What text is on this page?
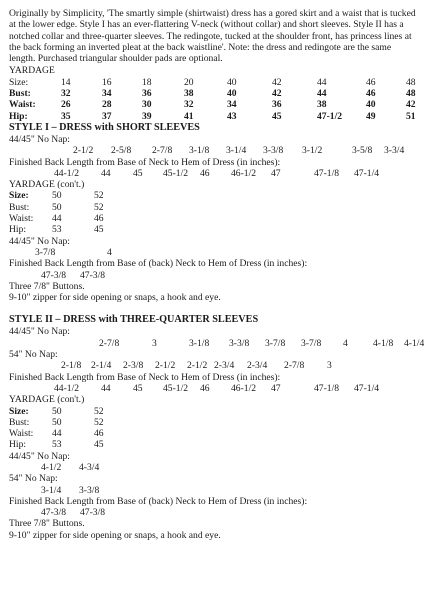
Originally by Simplicity, 'The smartly simple (shirtwaist) dress has a gored skirt and a waist that is tucked at the lower edge. Style I has an ever-flattering V-neck (without collar) and short sleeves. Style II has a notched collar and three-quarter sleeves. The redingote, tucked at the shoulder front, has princess lines at the back forming an inverted pleat at the back waistline'. Note: the dress and redingote are the same length. Purchased triangular shoulder pads are optional.
YARDAGE
Size:	14	16	18	20	40	42	44	46	48
Bust:	32	34	36	38	40	42	44	46	48
Waist:	26	28	30	32	34	36	38	40	42
Hip:	35	37	39	41	43	45	47-1/2 49	51
STYLE I – DRESS with SHORT SLEEVES
44/45" No Nap:
2-1/2 2-5/8 2-7/8 3-1/8 3-1/4 3-3/8 3-1/2	3-5/8 3-3/4
Finished Back Length from Base of Neck to Hem of Dress (in inches):
44-1/2 44 45 45-1/2 46 46-1/2 47	47-1/8 47-1/4
YARDAGE (con't.)
Size: 50	52
Bust: 50	52
Waist: 44	46
Hip:	53	45
44/45" No Nap:
3-7/8	4
Finished Back Length from Base of (back) Neck to Hem of Dress (in inches):
47-3/8 47-3/8
Three 7/8" Buttons.
9-10" zipper for side opening or snaps, a hook and eye.
STYLE II – DRESS with THREE-QUARTER SLEEVES
44/45" No Nap:
2-7/8	3	3-1/8 3-3/8 3-7/8 3-7/8 4	4-1/8 4-1/4
54" No Nap:
2-1/8 2-1/4 2-3/8 2-1/2 2-1/2 2-3/4 2-3/4 2-7/8 3
Finished Back Length from Base of Neck to Hem of Dress (in inches):
44-1/2 44 45 45-1/2 46 46-1/2 47	47-1/8 47-1/4
YARDAGE (con't.)
Size: 50	52
Bust: 50	52
Waist: 44	46
Hip:	53	45
44/45" No Nap:
4-1/2 4-3/4
54" No Nap:
3-1/4 3-3/8
Finished Back Length from Base of (back) Neck to Hem of Dress (in inches):
47-3/8 47-3/8
Three 7/8" Buttons.
9-10" zipper for side opening or snaps, a hook and eye.
